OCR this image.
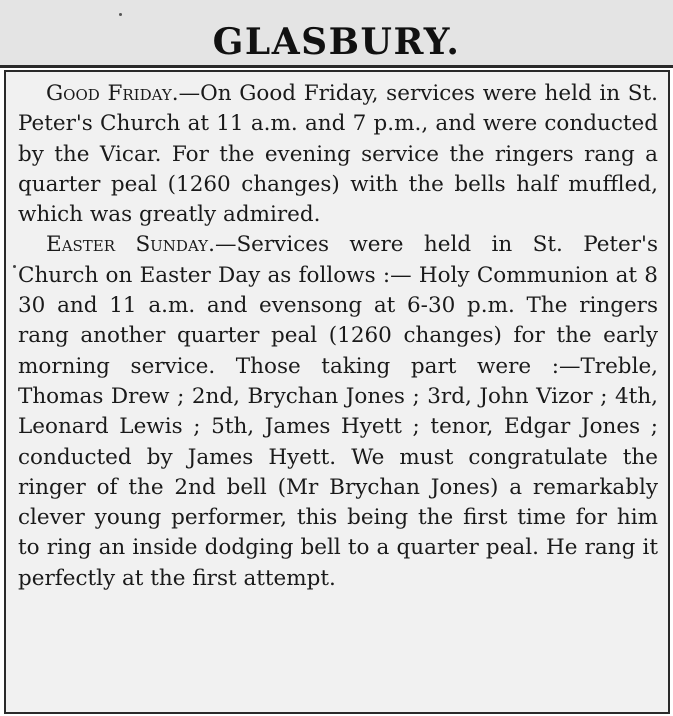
GLASBURY.

Good Friday.—On Good Friday, services were held in St. Peter's Church at 11 a.m. and 7 p.m., and were conducted by the Vicar. For the evening service the ringers rang a quarter peal (1260 changes) with the bells half muffled, which was greatly admired.

Easter Sunday.—Services were held in St. Peter's Church on Easter Day as follows :— Holy Communion at 8 30 and 11 a.m. and evensong at 6-30 p.m. The ringers rang another quarter peal (1260 changes) for the early morning service. Those taking part were :—Treble, Thomas Drew ; 2nd, Brychan Jones ; 3rd, John Vizor ; 4th, Leonard Lewis ; 5th, James Hyett ; tenor, Edgar Jones ; conducted by James Hyett. We must congratulate the ringer of the 2nd bell (Mr Brychan Jones) a remarkably clever young performer, this being the first time for him to ring an inside dodging bell to a quarter peal. He rang it perfectly at the first attempt.
